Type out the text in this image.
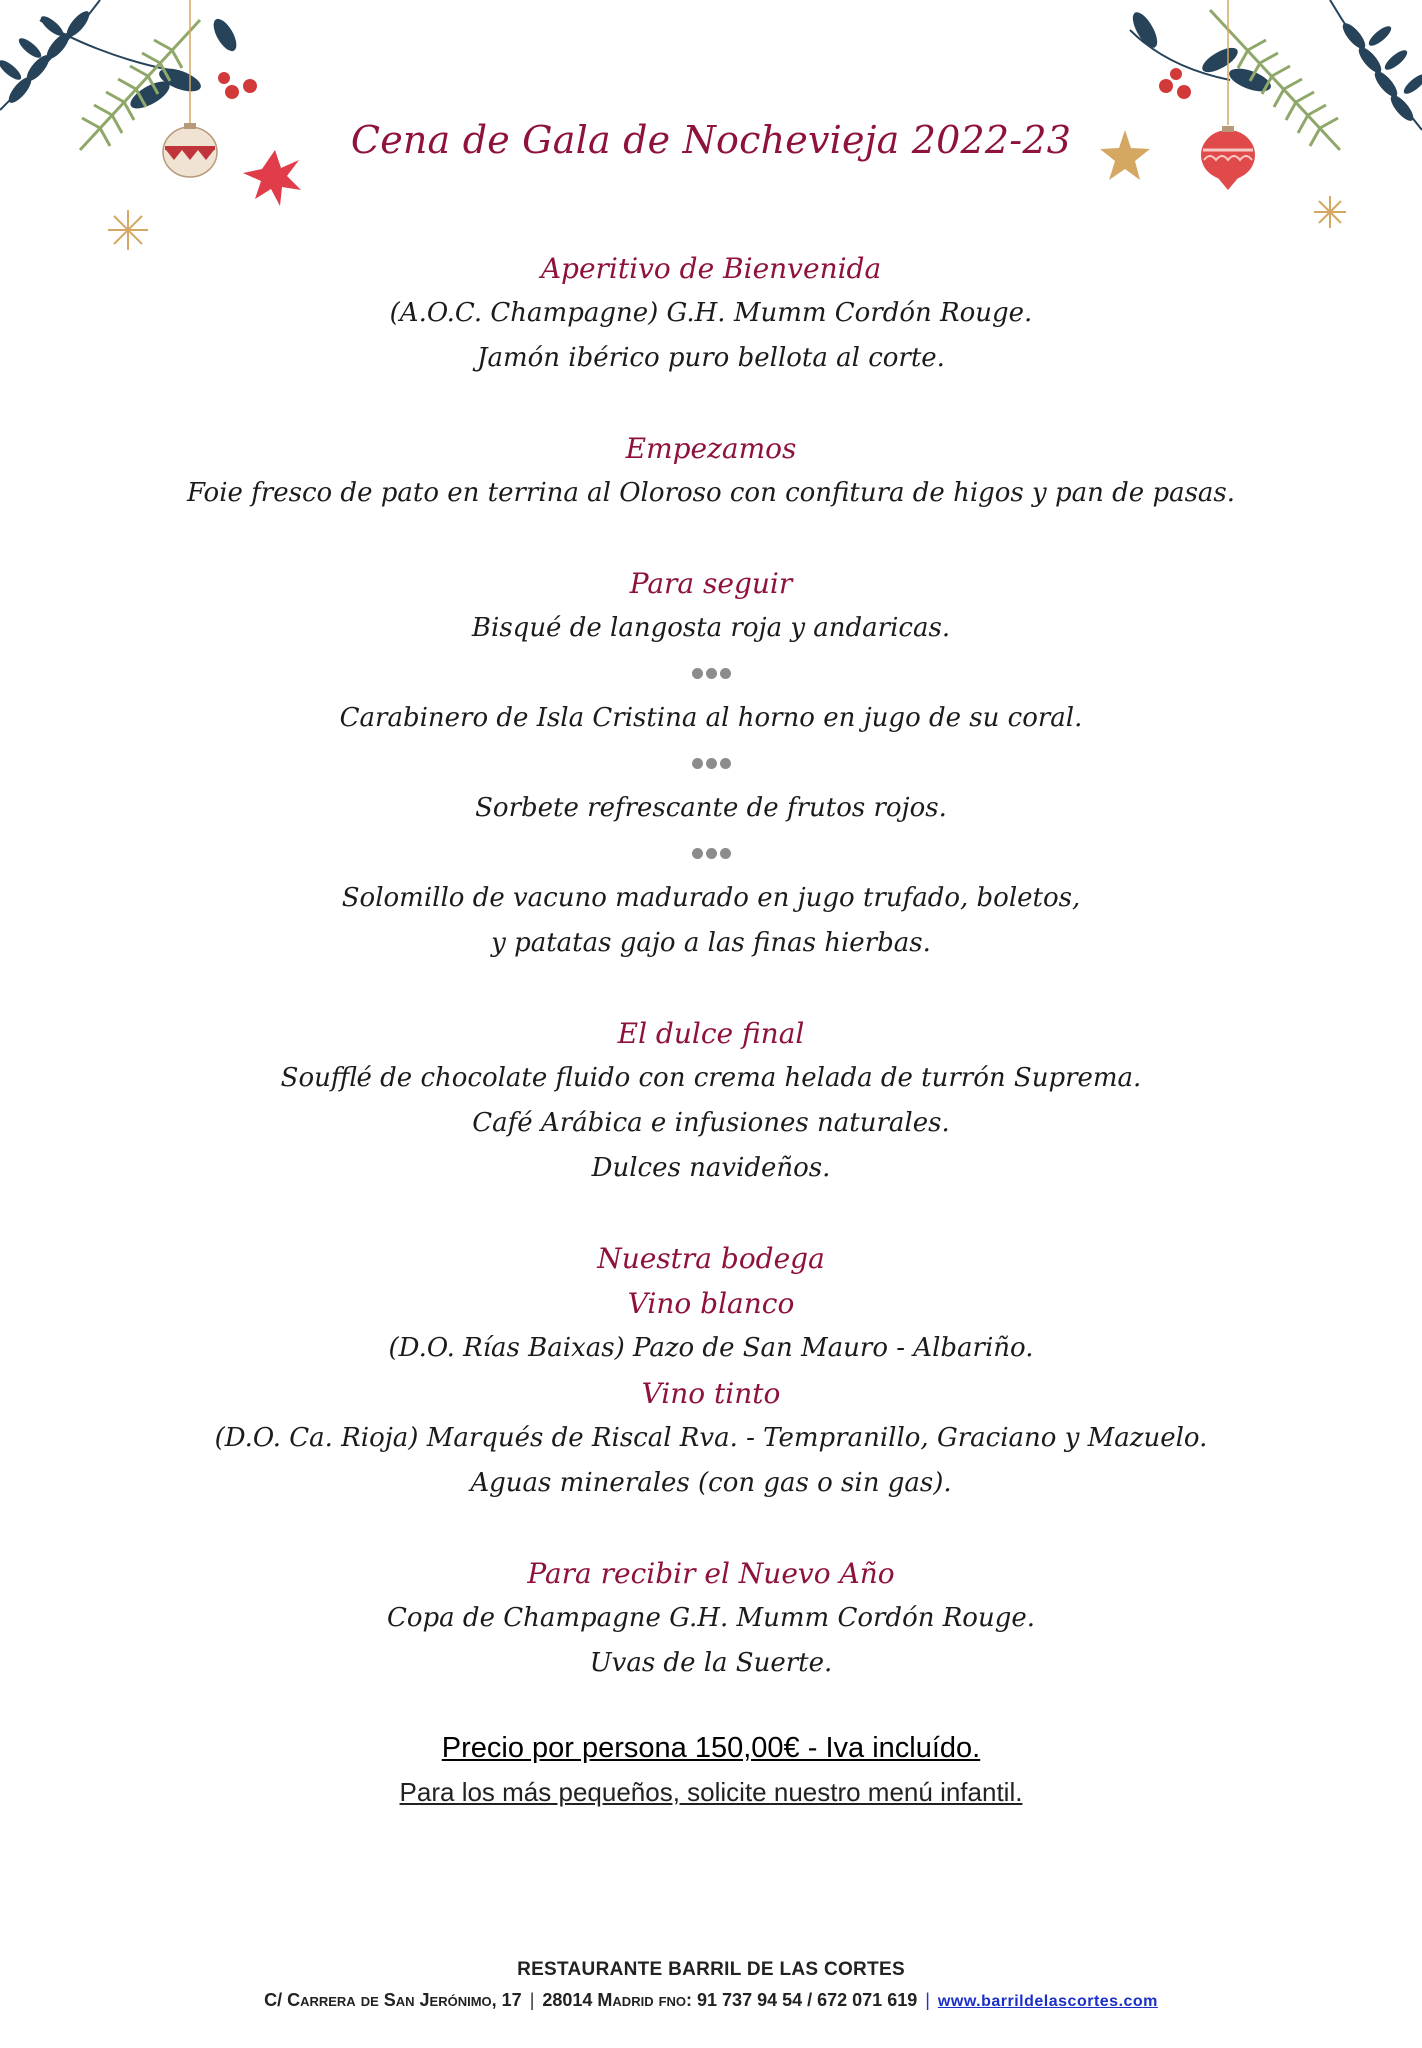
Cena de Gala de Nochevieja 2022-23
Aperitivo de Bienvenida
(A.O.C. Champagne) G.H. Mumm Cordón Rouge.
Jamón ibérico puro bellota al corte.
Empezamos
Foie fresco de pato en terrina al Oloroso con confitura de higos y pan de pasas.
Para seguir
Bisqué de langosta roja y andaricas.
Carabinero de Isla Cristina al horno en jugo de su coral.
Sorbete refrescante de frutos rojos.
Solomillo de vacuno madurado en jugo trufado, boletos,
y patatas gajo a las finas hierbas.
El dulce final
Soufflé de chocolate fluido con crema helada de turrón Suprema.
Café Arábica e infusiones naturales.
Dulces navideños.
Nuestra bodega
Vino blanco
(D.O. Rías Baixas) Pazo de San Mauro - Albariño.
Vino tinto
(D.O. Ca. Rioja) Marqués de Riscal Rva. - Tempranillo, Graciano y Mazuelo.
Aguas minerales (con gas o sin gas).
Para recibir el Nuevo Año
Copa de Champagne G.H. Mumm Cordón Rouge.
Uvas de la Suerte.
Precio por persona 150,00€ - Iva incluído.
Para los más pequeños, solicite nuestro menú infantil.
RESTAURANTE BARRIL DE LAS CORTES
C/ Carrera de San Jerónimo, 17 | 28014 Madrid fno: 91 737 94 54 / 672 071 619 | www.barrildelascortes.com
